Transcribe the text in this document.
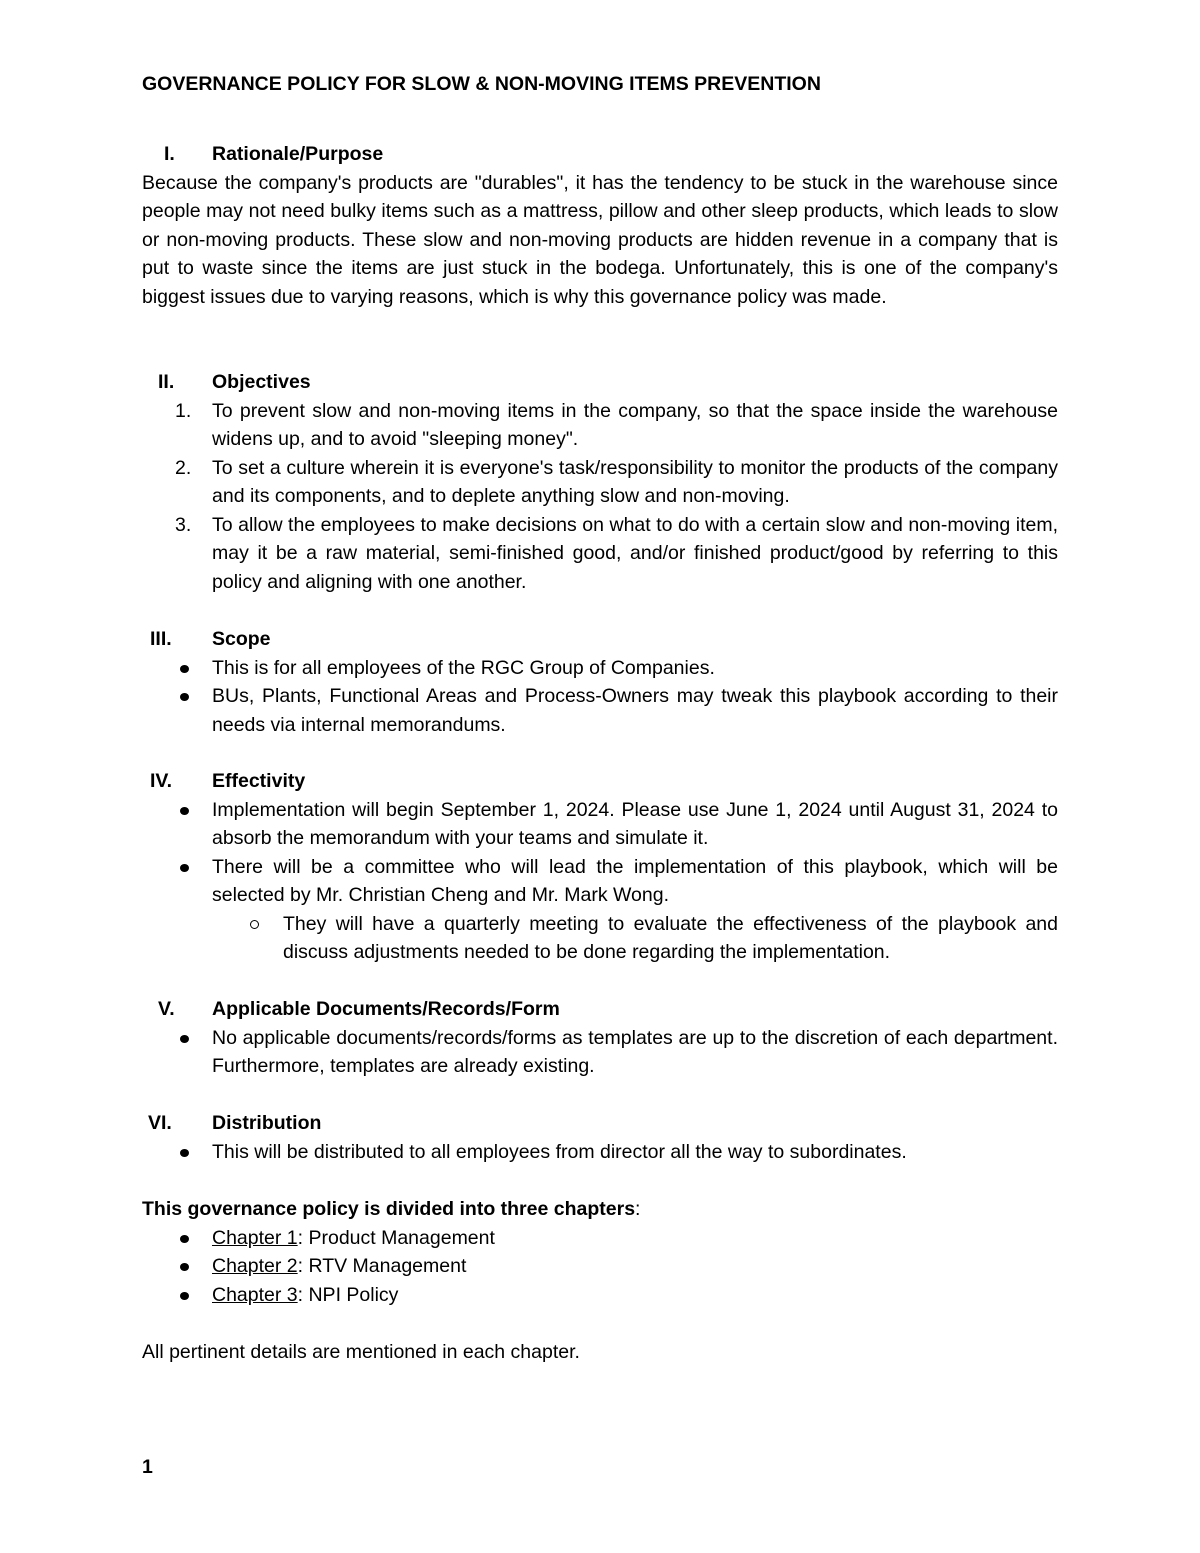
GOVERNANCE POLICY FOR SLOW & NON-MOVING ITEMS PREVENTION
I. Rationale/Purpose
Because the company's products are "durables", it has the tendency to be stuck in the warehouse since people may not need bulky items such as a mattress, pillow and other sleep products, which leads to slow or non-moving products. These slow and non-moving products are hidden revenue in a company that is put to waste since the items are just stuck in the bodega. Unfortunately, this is one of the company's biggest issues due to varying reasons, which is why this governance policy was made.
II. Objectives
1. To prevent slow and non-moving items in the company, so that the space inside the warehouse widens up, and to avoid "sleeping money".
2. To set a culture wherein it is everyone's task/responsibility to monitor the products of the company and its components, and to deplete anything slow and non-moving.
3. To allow the employees to make decisions on what to do with a certain slow and non-moving item, may it be a raw material, semi-finished good, and/or finished product/good by referring to this policy and aligning with one another.
III. Scope
This is for all employees of the RGC Group of Companies.
BUs, Plants, Functional Areas and Process-Owners may tweak this playbook according to their needs via internal memorandums.
IV. Effectivity
Implementation will begin September 1, 2024. Please use June 1, 2024 until August 31, 2024 to absorb the memorandum with your teams and simulate it.
There will be a committee who will lead the implementation of this playbook, which will be selected by Mr. Christian Cheng and Mr. Mark Wong.
They will have a quarterly meeting to evaluate the effectiveness of the playbook and discuss adjustments needed to be done regarding the implementation.
V. Applicable Documents/Records/Form
No applicable documents/records/forms as templates are up to the discretion of each department. Furthermore, templates are already existing.
VI. Distribution
This will be distributed to all employees from director all the way to subordinates.
This governance policy is divided into three chapters:
Chapter 1: Product Management
Chapter 2: RTV Management
Chapter 3: NPI Policy
All pertinent details are mentioned in each chapter.
1
